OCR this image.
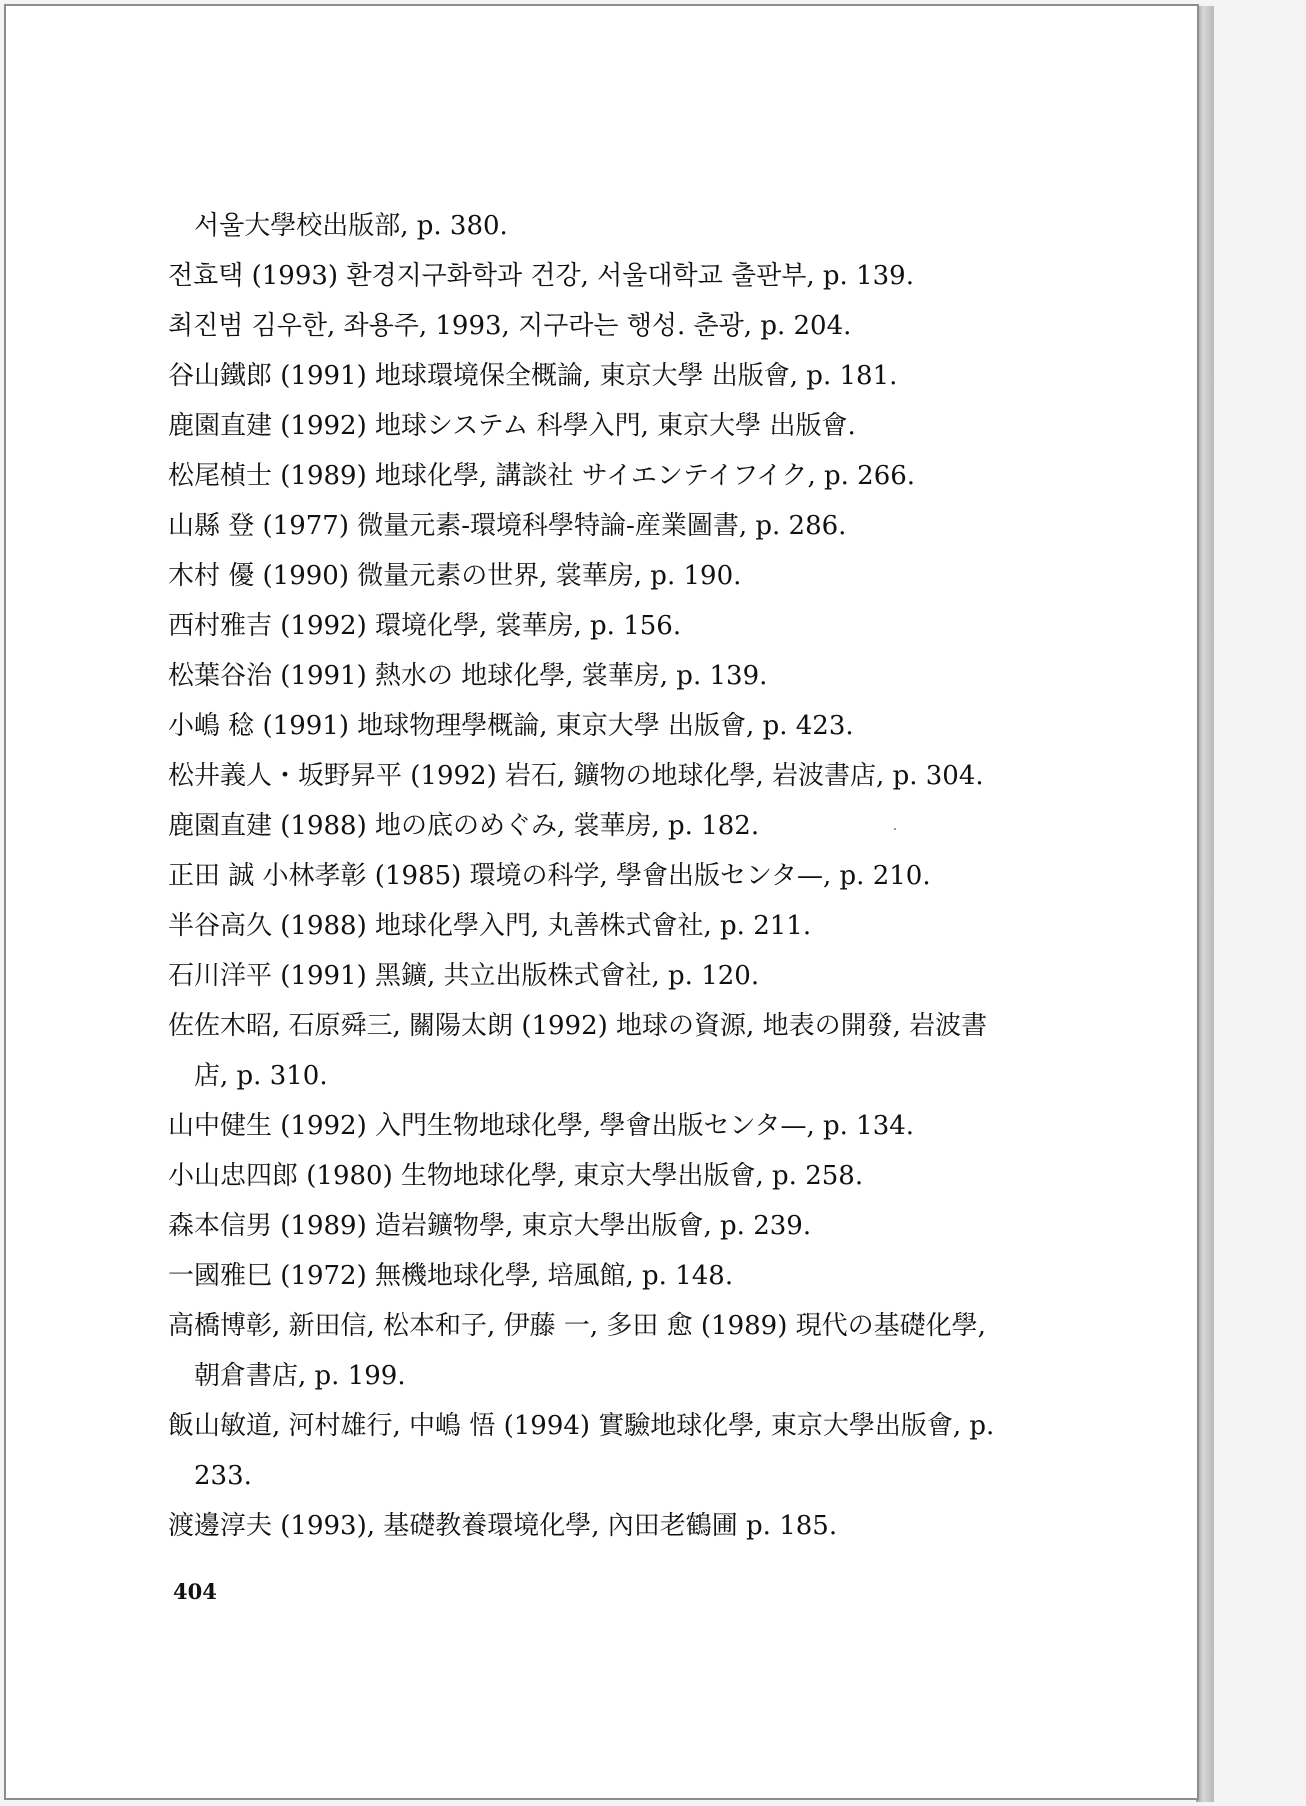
서울大學校出版部, p. 380.
전효택 (1993) 환경지구화학과 건강, 서울대학교 출판부, p. 139.
최진범 김우한, 좌용주, 1993, 지구라는 행성. 춘광, p. 204.
谷山鐵郎 (1991) 地球環境保全概論, 東京大學 出版會, p. 181.
鹿園直建 (1992) 地球システム 科學入門, 東京大學 出版會.
松尾楨士 (1989) 地球化學, 講談社 サイエンテイフイク, p. 266.
山縣 登 (1977) 微量元素-環境科學特論-産業圖書, p. 286.
木村 優 (1990) 微量元素の世界, 裳華房, p. 190.
西村雅吉 (1992) 環境化學, 裳華房, p. 156.
松葉谷治 (1991) 熱水の 地球化學, 裳華房, p. 139.
小嶋 稔 (1991) 地球物理學概論, 東京大學 出版會, p. 423.
松井義人・坂野昇平 (1992) 岩石, 鑛物の地球化學, 岩波書店, p. 304.
鹿園直建 (1988) 地の底のめぐみ, 裳華房, p. 182.
正田 誠 小林孝彰 (1985) 環境の科学, 學會出版センタ—, p. 210.
半谷高久 (1988) 地球化學入門, 丸善株式會社, p. 211.
石川洋平 (1991) 黑鑛, 共立出版株式會社, p. 120.
佐佐木昭, 石原舜三, 關陽太朗 (1992) 地球の資源, 地表の開發, 岩波書
店, p. 310.
山中健生 (1992) 入門生物地球化學, 學會出版センタ—, p. 134.
小山忠四郎 (1980) 生物地球化學, 東京大學出版會, p. 258.
森本信男 (1989) 造岩鑛物學, 東京大學出版會, p. 239.
一國雅巳 (1972) 無機地球化學, 培風館, p. 148.
高橋博彰, 新田信, 松本和子, 伊藤 一, 多田 愈 (1989) 現代の基礎化學,
朝倉書店, p. 199.
飯山敏道, 河村雄行, 中嶋 悟 (1994) 實驗地球化學, 東京大學出版會, p.
233.
渡邊淳夫 (1993), 基礎教養環境化學, 內田老鶴圃 p. 185.

404
